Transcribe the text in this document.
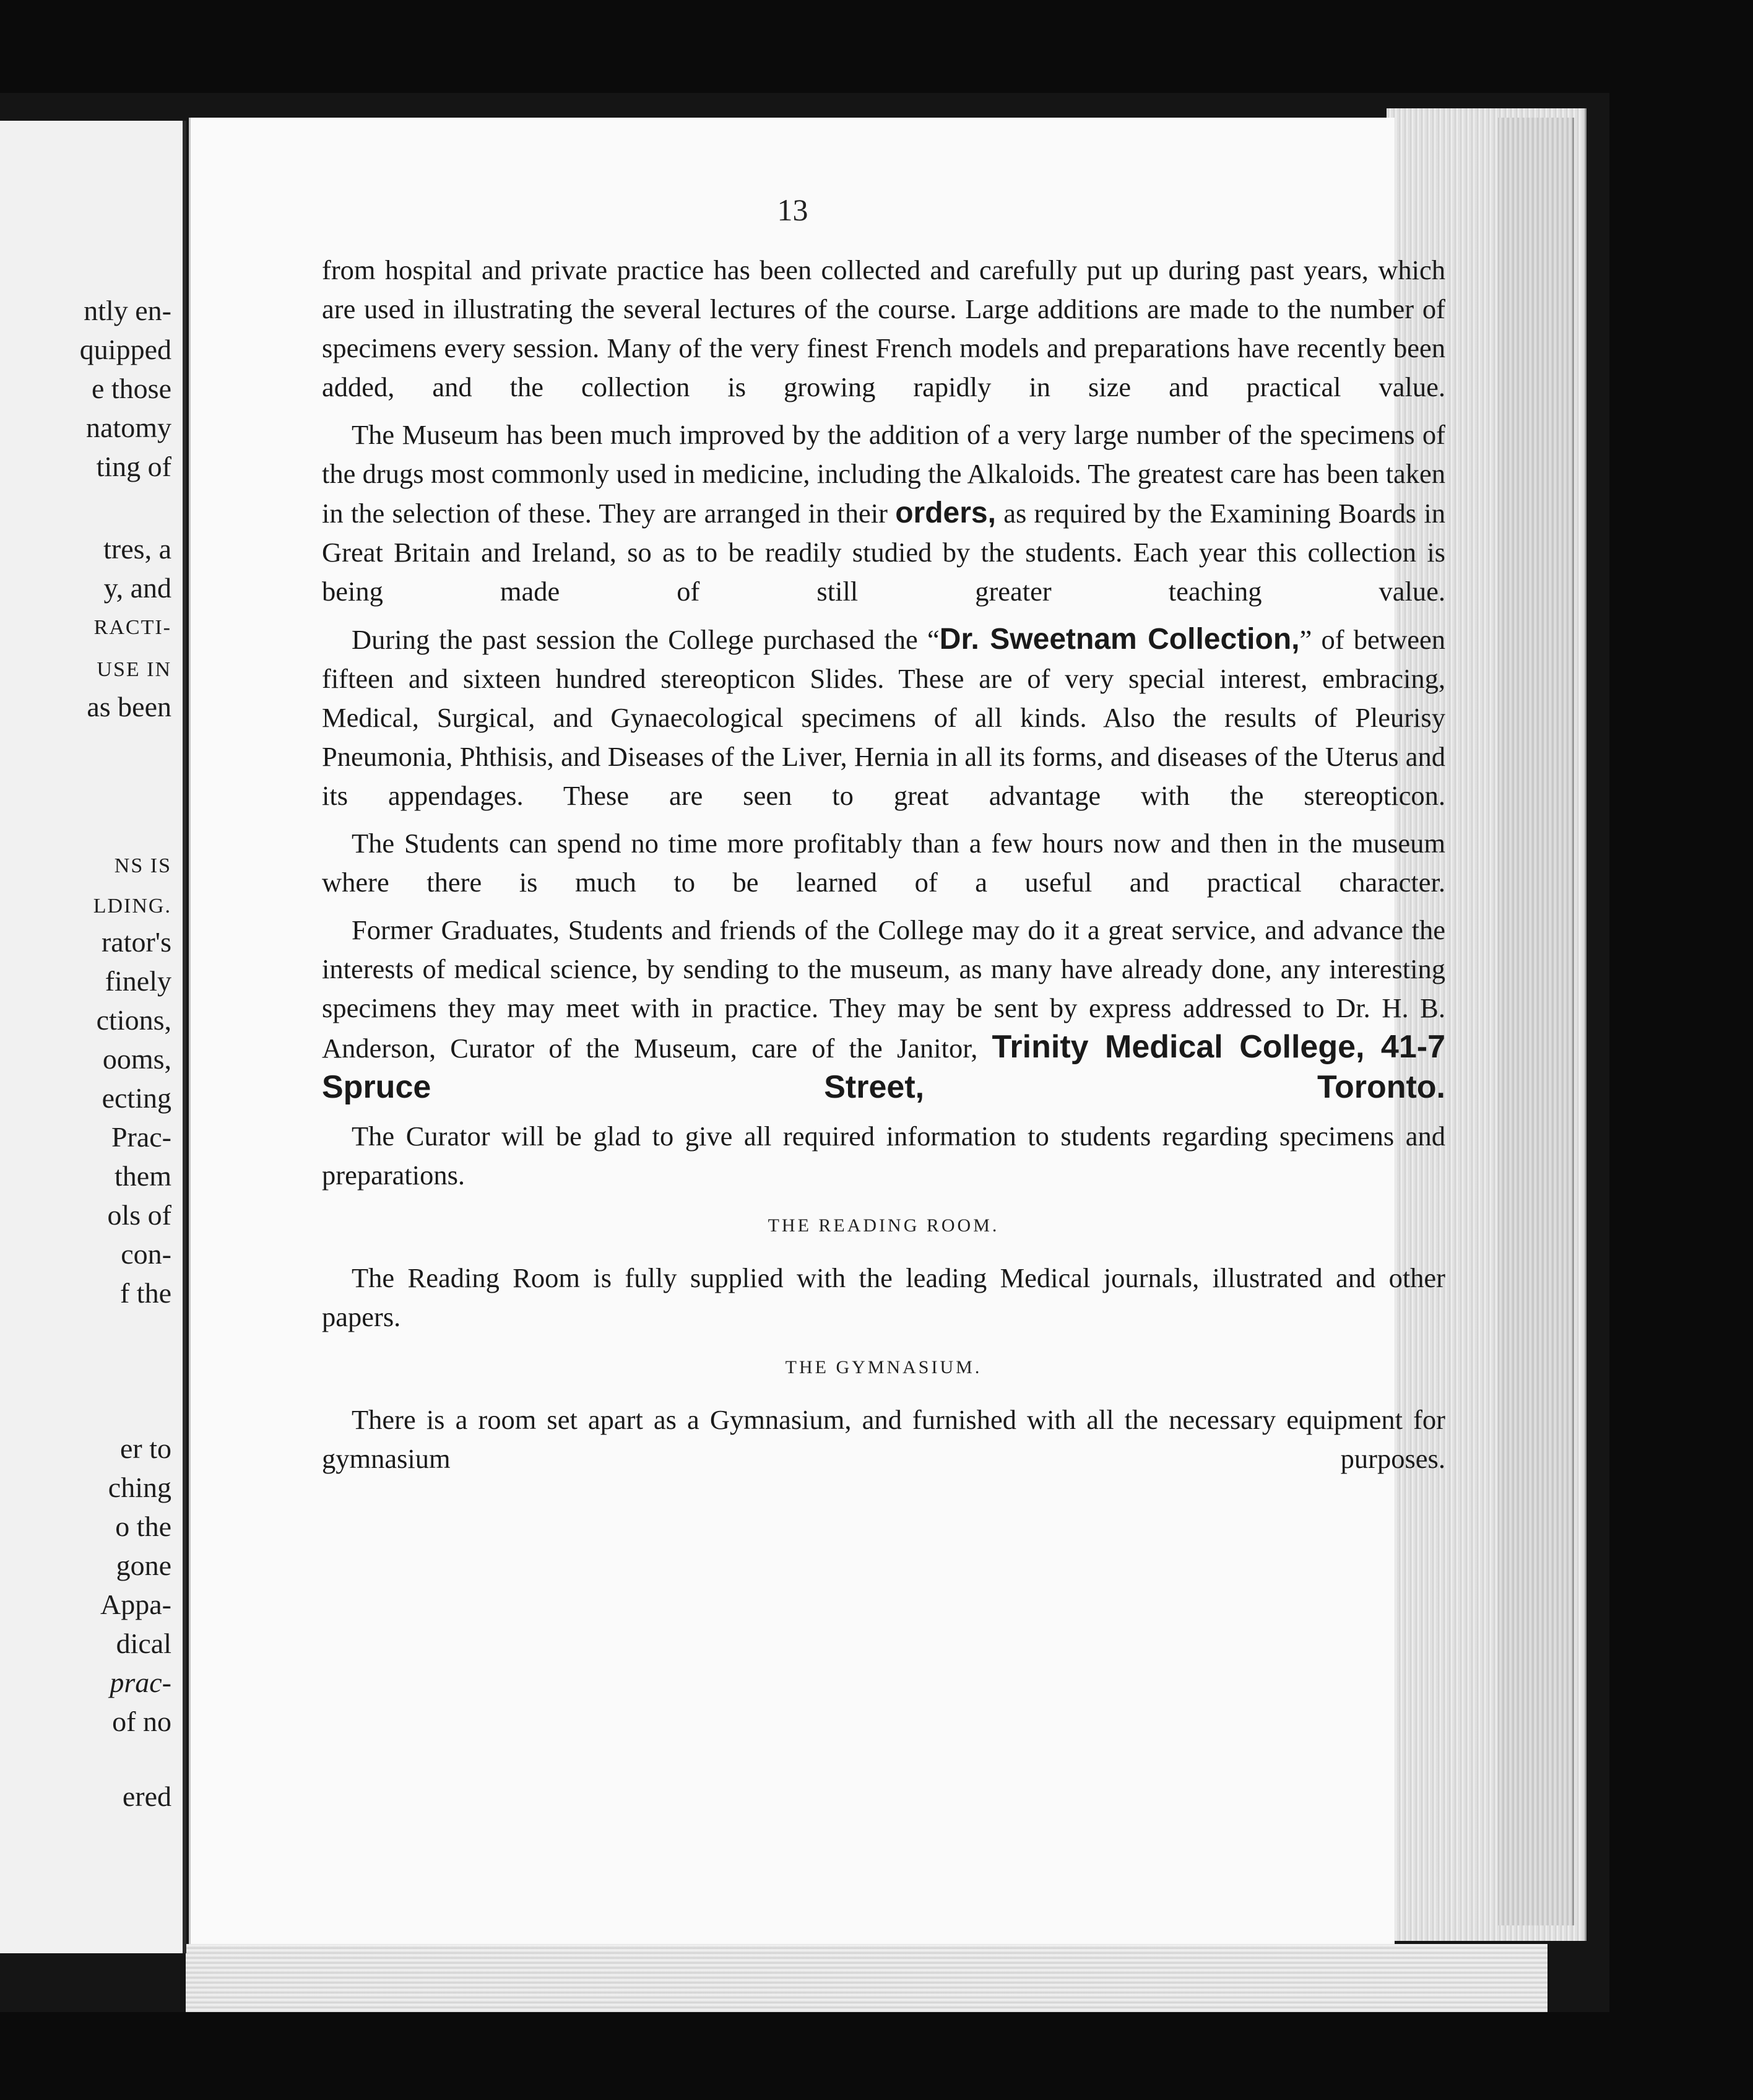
ntly en-
quipped
e those
natomy
ting of
tres, a
y, and
RACTI-
USE IN
as been
NS IS
LDING.
rator's
finely
ctions,
ooms,
ecting
Prac-
them
ols of
con-
f the
er to
ching
o the
gone
Appa-
dical
prac-
of no
ered
13

from hospital and private practice has been collected and carefully put up during past years, which are used in illustrating the several lectures of the course. Large additions are made to the number of specimens every session. Many of the very finest French models and preparations have recently been added, and the collection is growing rapidly in size and practical value.

The Museum has been much improved by the addition of a very large number of the specimens of the drugs most commonly used in medicine, including the Alkaloids. The greatest care has been taken in the selection of these. They are arranged in their orders, as required by the Examining Boards in Great Britain and Ireland, so as to be readily studied by the students. Each year this collection is being made of still greater teaching value.

During the past session the College purchased the “Dr. Sweetnam Collection,” of between fifteen and sixteen hundred stereopticon Slides. These are of very special interest, embracing, Medical, Surgical, and Gynaecological specimens of all kinds. Also the results of Pleurisy Pneumonia, Phthisis, and Diseases of the Liver, Hernia in all its forms, and diseases of the Uterus and its appendages. These are seen to great advantage with the stereopticon.

The Students can spend no time more profitably than a few hours now and then in the museum where there is much to be learned of a useful and practical character.

Former Graduates, Students and friends of the College may do it a great service, and advance the interests of medical science, by sending to the museum, as many have already done, any interesting specimens they may meet with in practice. They may be sent by express addressed to Dr. H. B. Anderson, Curator of the Museum, care of the Janitor, Trinity Medical College, 41-7 Spruce Street, Toronto.

The Curator will be glad to give all required information to students regarding specimens and preparations.

THE READING ROOM.

The Reading Room is fully supplied with the leading Medical journals, illustrated and other papers.

THE GYMNASIUM.

There is a room set apart as a Gymnasium, and furnished with all the necessary equipment for gymnasium purposes.
